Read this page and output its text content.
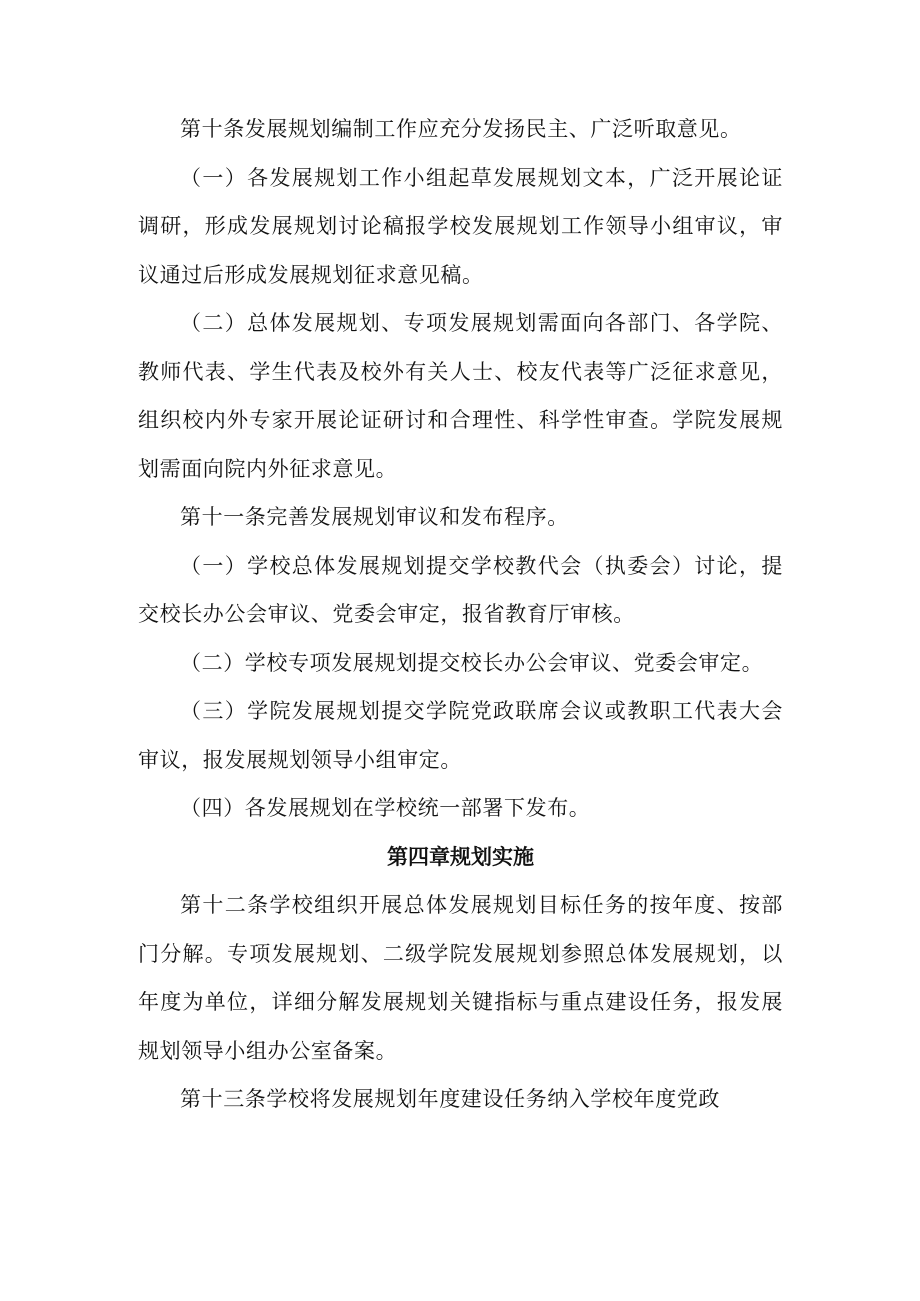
第十条发展规划编制工作应充分发扬民主、广泛听取意见。

（一）各发展规划工作小组起草发展规划文本，广泛开展论证调研，形成发展规划讨论稿报学校发展规划工作领导小组审议，审议通过后形成发展规划征求意见稿。

（二）总体发展规划、专项发展规划需面向各部门、各学院、教师代表、学生代表及校外有关人士、校友代表等广泛征求意见，组织校内外专家开展论证研讨和合理性、科学性审查。学院发展规划需面向院内外征求意见。

第十一条完善发展规划审议和发布程序。

（一）学校总体发展规划提交学校教代会（执委会）讨论，提交校长办公会审议、党委会审定，报省教育厅审核。

（二）学校专项发展规划提交校长办公会审议、党委会审定。

（三）学院发展规划提交学院党政联席会议或教职工代表大会审议，报发展规划领导小组审定。

（四）各发展规划在学校统一部署下发布。

第四章规划实施

第十二条学校组织开展总体发展规划目标任务的按年度、按部门分解。专项发展规划、二级学院发展规划参照总体发展规划，以年度为单位，详细分解发展规划关键指标与重点建设任务，报发展规划领导小组办公室备案。

第十三条学校将发展规划年度建设任务纳入学校年度党政
